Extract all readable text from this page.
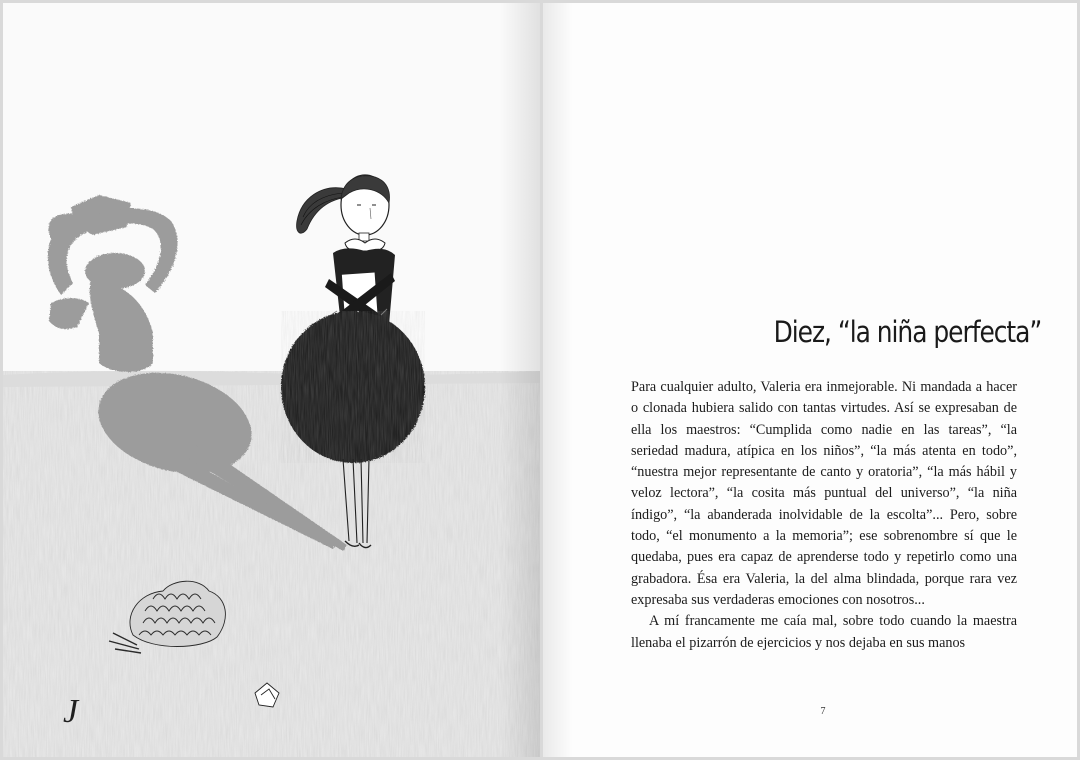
J
Diez, “la niña perfecta”

Para cualquier adulto, Valeria era inmejorable. Ni mandada a hacer o clonada hubiera salido con tantas virtudes. Así se expresaban de ella los maestros: “Cumplida como nadie en las tareas”, “la seriedad madura, atípica en los niños”, “la más atenta en todo”, “nuestra mejor representante de canto y oratoria”, “la más hábil y veloz lectora”, “la cosita más puntual del universo”, “la niña índigo”, “la abanderada inolvidable de la escolta”... Pero, sobre todo, “el monumento a la memoria”; ese sobrenombre sí que le quedaba, pues era capaz de aprenderse todo y repetirlo como una grabadora. Ésa era Valeria, la del alma blindada, porque rara vez expresaba sus verdaderas emociones con nosotros...

A mí francamente me caía mal, sobre todo cuando la maestra llenaba el pizarrón de ejercicios y nos dejaba en sus manos

7
